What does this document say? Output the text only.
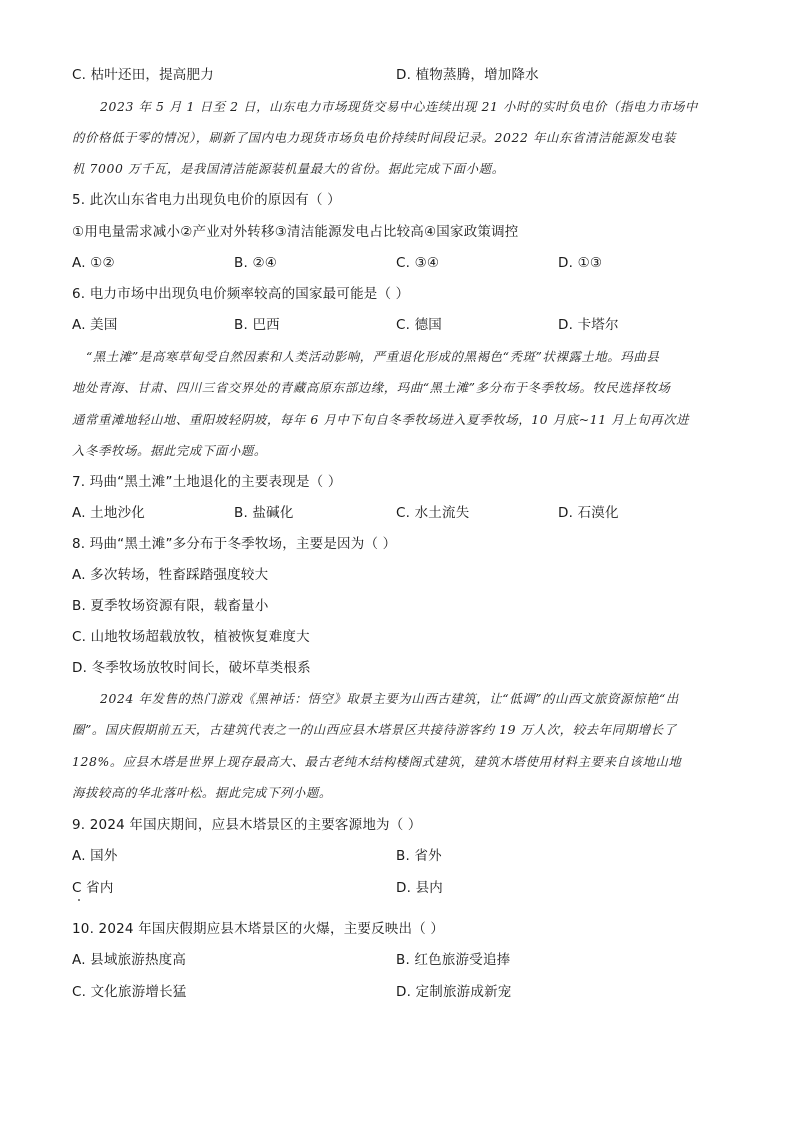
C. 枯叶还田，提高肥力	D. 植物蒸腾，增加降水
2023 年 5 月 1 日至 2 日，山东电力市场现货交易中心连续出现 21 小时的实时负电价（指电力市场中
的价格低于零的情况），刷新了国内电力现货市场负电价持续时间段记录。2022 年山东省清洁能源发电装
机 7000 万千瓦，是我国清洁能源装机量最大的省份。据此完成下面小题。
5. 此次山东省电力出现负电价的原因有（ ）
①用电量需求减小②产业对外转移③清洁能源发电占比较高④国家政策调控
A. ①②	B. ②④	C. ③④	D. ①③
6. 电力市场中出现负电价频率较高的国家最可能是（ ）
A. 美国	B. 巴西	C. 德国	D. 卡塔尔
“黑土滩”是高寒草甸受自然因素和人类活动影响，严重退化形成的黑褐色“秃斑”状裸露土地。玛曲县
地处青海、甘肃、四川三省交界处的青藏高原东部边缘，玛曲“黑土滩”多分布于冬季牧场。牧民选择牧场
通常重滩地轻山地、重阳坡轻阴坡，每年 6 月中下旬自冬季牧场进入夏季牧场，10 月底~11 月上旬再次进
入冬季牧场。据此完成下面小题。
7. 玛曲“黑土滩”土地退化的主要表现是（ ）
A. 土地沙化	B. 盐碱化	C. 水土流失	D. 石漠化
8. 玛曲“黑土滩”多分布于冬季牧场，主要是因为（ ）
A. 多次转场，牲畜踩踏强度较大
B. 夏季牧场资源有限，载畜量小
C. 山地牧场超载放牧，植被恢复难度大
D. 冬季牧场放牧时间长，破坏草类根系
2024 年发售的热门游戏《黑神话：悟空》取景主要为山西古建筑，让“低调”的山西文旅资源惊艳“出
圈”。国庆假期前五天，古建筑代表之一的山西应县木塔景区共接待游客约 19 万人次，较去年同期增长了
128%。应县木塔是世界上现存最高大、最古老纯木结构楼阁式建筑，建筑木塔使用材料主要来自该地山地
海拔较高的华北落叶松。据此完成下列小题。
9. 2024 年国庆期间，应县木塔景区的主要客源地为（ ）
A. 国外	B. 省外
C 省内	D. 县内
10. 2024 年国庆假期应县木塔景区的火爆，主要反映出（ ）
A. 县域旅游热度高	B. 红色旅游受追捧
C. 文化旅游增长猛	D. 定制旅游成新宠
